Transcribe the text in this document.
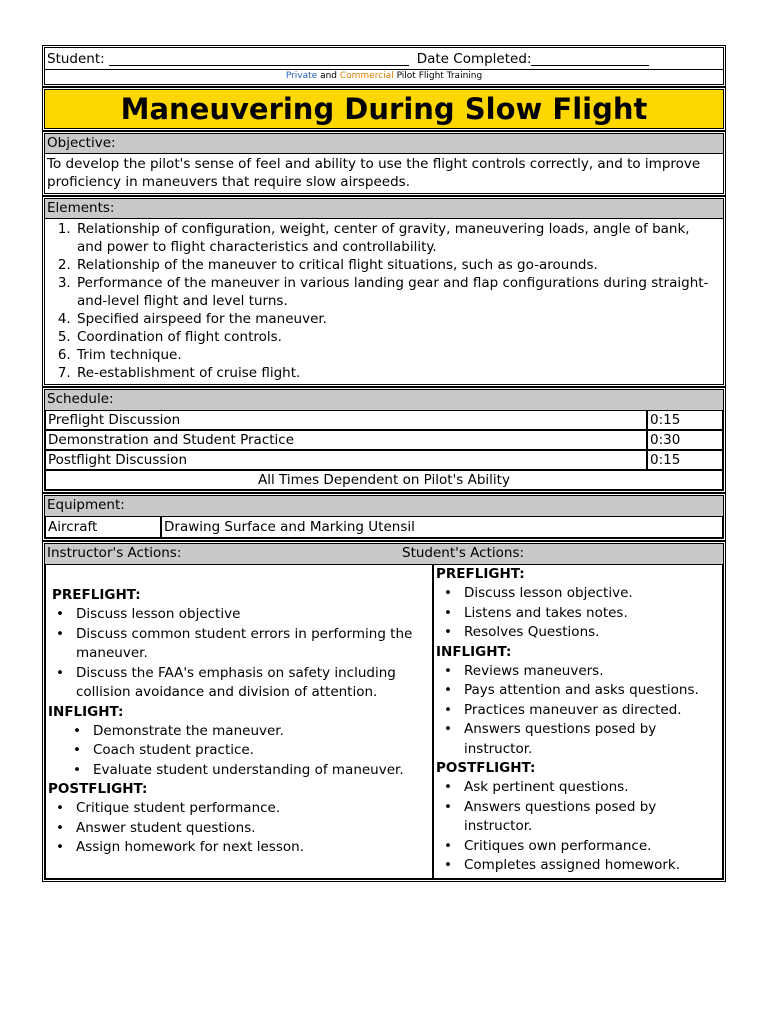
Student:	Date Completed:
Private and Commercial Pilot Flight Training
Maneuvering During Slow Flight
Objective:
To develop the pilot's sense of feel and ability to use the flight controls correctly, and to improve proficiency in maneuvers that require slow airspeeds.
Elements:
1. Relationship of configuration, weight, center of gravity, maneuvering loads, angle of bank, and power to flight characteristics and controllability.
2. Relationship of the maneuver to critical flight situations, such as go-arounds.
3. Performance of the maneuver in various landing gear and flap configurations during straight-and-level flight and level turns.
4. Specified airspeed for the maneuver.
5. Coordination of flight controls.
6. Trim technique.
7. Re-establishment of cruise flight.
Schedule:
Preflight Discussion	0:15
Demonstration and Student Practice	0:30
Postflight Discussion	0:15
All Times Dependent on Pilot's Ability
Equipment:
Aircraft	Drawing Surface and Marking Utensil
Instructor's Actions:	Student's Actions:
PREFLIGHT:
• Discuss lesson objective
• Discuss common student errors in performing the maneuver.
• Discuss the FAA's emphasis on safety including collision avoidance and division of attention.
INFLIGHT:
• Demonstrate the maneuver.
• Coach student practice.
• Evaluate student understanding of maneuver.
POSTFLIGHT:
• Critique student performance.
• Answer student questions.
• Assign homework for next lesson.
PREFLIGHT:
• Discuss lesson objective.
• Listens and takes notes.
• Resolves Questions.
INFLIGHT:
• Reviews maneuvers.
• Pays attention and asks questions.
• Practices maneuver as directed.
• Answers questions posed by instructor.
POSTFLIGHT:
• Ask pertinent questions.
• Answers questions posed by instructor.
• Critiques own performance.
• Completes assigned homework.
